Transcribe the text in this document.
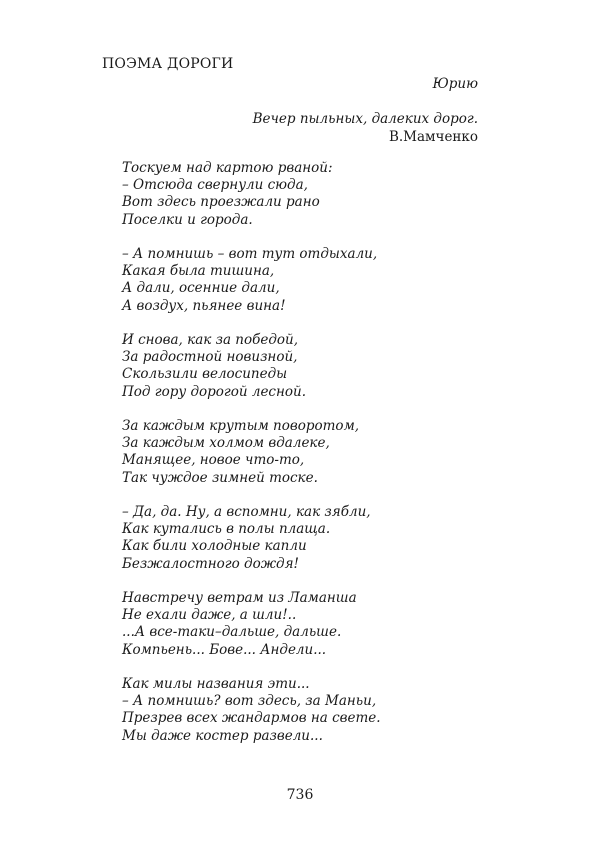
ПОЭМА ДОРОГИ
Юрию
Вечер пыльных, далеких дорог.
В.Мамченко
Тоскуем над картою рваной:
– Отсюда свернули сюда,
Вот здесь проезжали рано
Поселки и города.
– А помнишь – вот тут отдыхали,
Какая была тишина,
А дали, осенние дали,
А воздух, пьянее вина!
И снова, как за победой,
За радостной новизной,
Скользили велосипеды
Под гору дорогой лесной.
За каждым крутым поворотом,
За каждым холмом вдалеке,
Манящее, новое что-то,
Так чуждое зимней тоске.
– Да, да. Ну, а вспомни, как зябли,
Как кутались в полы плаща.
Как били холодные капли
Безжалостного дождя!
Навстречу ветрам из Ламанша
Не ехали даже, а шли!..
...А все-таки–дальше, дальше.
Компьень... Бове... Андели...
Как милы названия эти...
– А помнишь? вот здесь, за Маньи,
Презрев всех жандармов на свете.
Мы даже костер развели...
736
